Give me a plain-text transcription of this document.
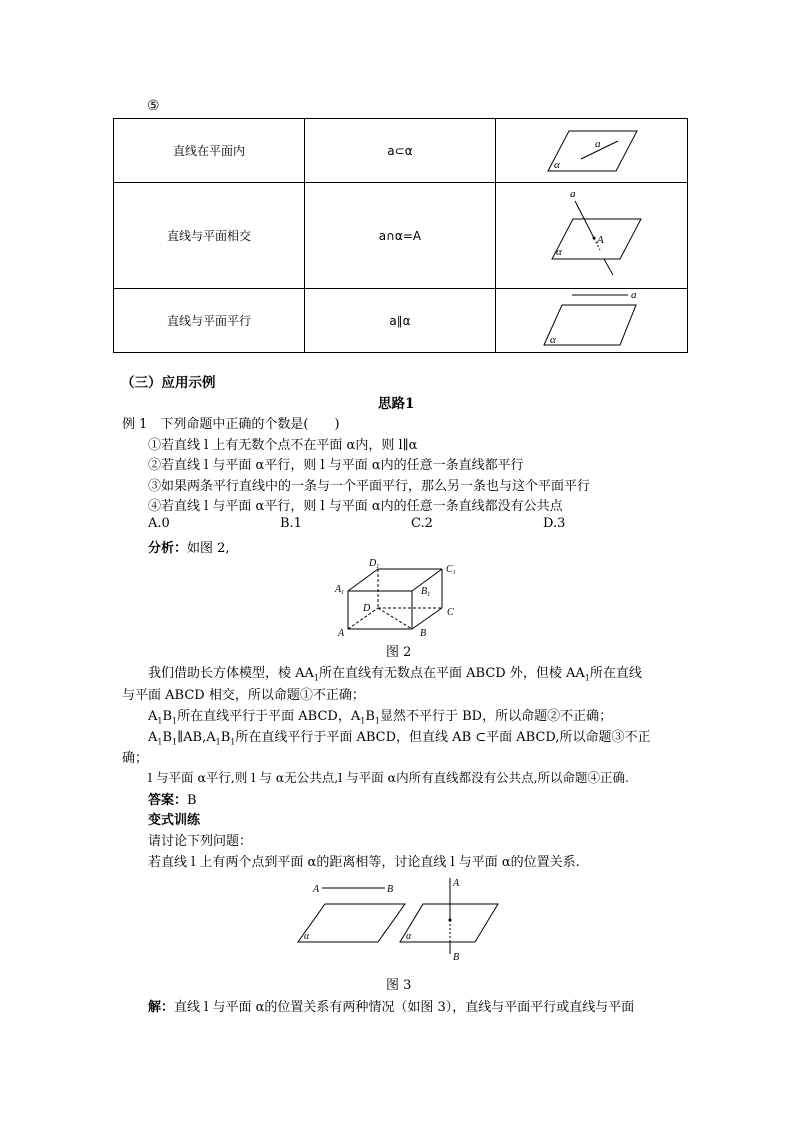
⑤
直线在平面内	a⊂α	a
α

直线与平面相交	a∩α=A	a
A
α

直线与平面平行	a∥α	a
α
（三）应用示例
思路1
例 1　下列命题中正确的个数是(　　)
①若直线 l 上有无数个点不在平面 α内，则 l∥α
②若直线 l 与平面 α平行，则 l 与平面 α内的任意一条直线都平行
③如果两条平行直线中的一条与一个平面平行，那么另一条也与这个平面平行
④若直线 l 与平面 α平行，则 l 与平面 α内的任意一条直线都没有公共点
A.0	B.1	C.2	D.3
分析：如图 2,
$D_1$	$C_1$
$A_1$	$B_1$
D	C
A	B
图 2
我们借助长方体模型，棱 $AA_1$所在直线有无数点在平面 ABCD 外，但棱 $AA_1$所在直线
与平面 ABCD 相交，所以命题①不正确；
$A_1B_1$所在直线平行于平面 ABCD，$A_1B_1$显然不平行于 BD，所以命题②不正确；
$A_1B_1\parallel AB,A_1B_1$所在直线平行于平面 ABCD，但直线 AB ⊂平面 ABCD,所以命题③不正
确；
l 与平面 α平行,则 l 与 α无公共点,l 与平面 α内所有直线都没有公共点,所以命题④正确.
答案：B
变式训练
请讨论下列问题：
若直线 l 上有两个点到平面 α的距离相等，讨论直线 l 与平面 α的位置关系.
A	B
α
A
B
α
图 3
解：直线 l 与平面 α的位置关系有两种情况（如图 3），直线与平面平行或直线与平面
